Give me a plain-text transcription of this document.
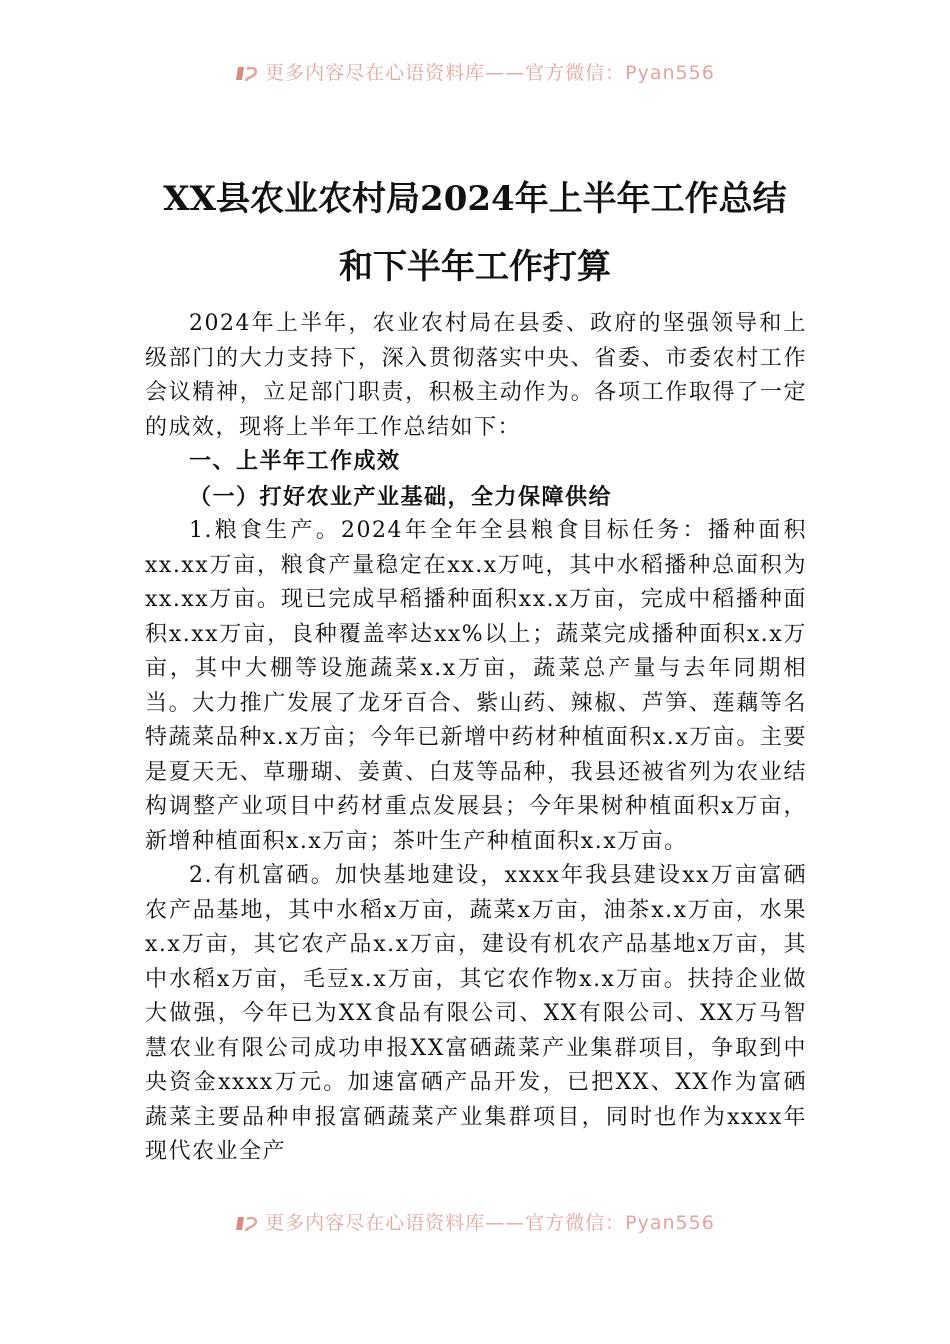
更多内容尽在心语资料库——官方微信：Pyan556
XX县农业农村局2024年上半年工作总结
和下半年工作打算

2024年上半年，农业农村局在县委、政府的坚强领导和上级部门的大力支持下，深入贯彻落实中央、省委、市委农村工作会议精神，立足部门职责，积极主动作为。各项工作取得了一定的成效，现将上半年工作总结如下：

一、上半年工作成效

（一）打好农业产业基础，全力保障供给

1.粮食生产。2024年全年全县粮食目标任务：播种面积xx.xx万亩，粮食产量稳定在xx.x万吨，其中水稻播种总面积为xx.xx万亩。现已完成早稻播种面积xx.x万亩，完成中稻播种面积x.xx万亩，良种覆盖率达xx%以上；蔬菜完成播种面积x.x万亩，其中大棚等设施蔬菜x.x万亩，蔬菜总产量与去年同期相当。大力推广发展了龙牙百合、紫山药、辣椒、芦笋、莲藕等名特蔬菜品种x.x万亩；今年已新增中药材种植面积x.x万亩。主要是夏天无、草珊瑚、姜黄、白芨等品种，我县还被省列为农业结构调整产业项目中药材重点发展县；今年果树种植面积x万亩，新增种植面积x.x万亩；茶叶生产种植面积x.x万亩。

2.有机富硒。加快基地建设，xxxx年我县建设xx万亩富硒农产品基地，其中水稻x万亩，蔬菜x万亩，油茶x.x万亩，水果x.x万亩，其它农产品x.x万亩，建设有机农产品基地x万亩，其中水稻x万亩，毛豆x.x万亩，其它农作物x.x万亩。扶持企业做大做强，今年已为XX食品有限公司、XX有限公司、XX万马智慧农业有限公司成功申报XX富硒蔬菜产业集群项目，争取到中央资金xxxx万元。加速富硒产品开发，已把XX、XX作为富硒蔬菜主要品种申报富硒蔬菜产业集群项目，同时也作为xxxx年现代农业全产

更多内容尽在心语资料库——官方微信：Pyan556
